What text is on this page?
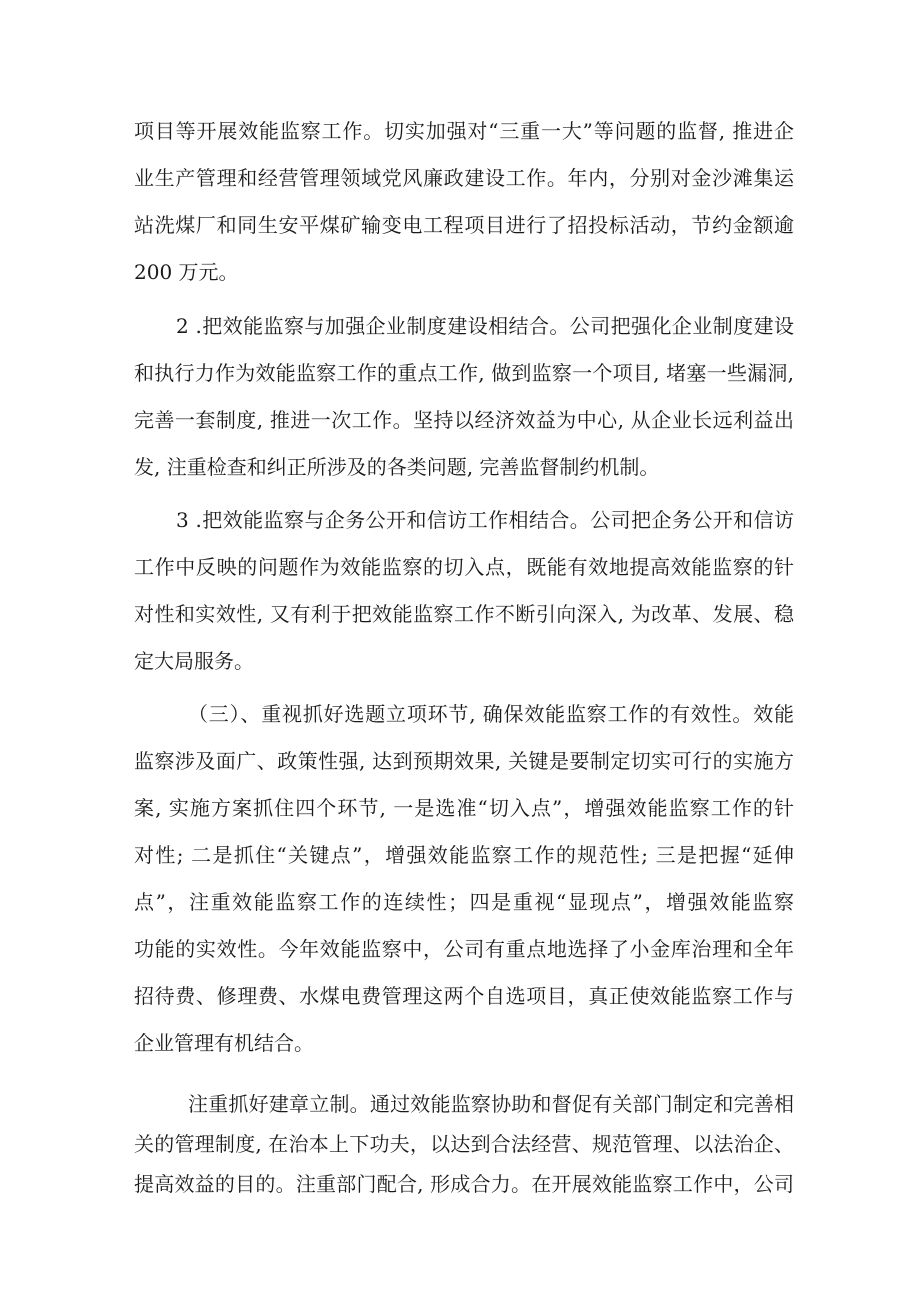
项目等开展效能监察工作。切实加强对“三重一大”等问题的监督, 推进企
业生产管理和经营管理领域党风廉政建设工作。年内，分别对金沙滩集运
站洗煤厂和同生安平煤矿输变电工程项目进行了招投标活动，节约金额逾
200 万元。
2 .把效能监察与加强企业制度建设相结合。公司把强化企业制度建设
和执行力作为效能监察工作的重点工作, 做到监察一个项目, 堵塞一些漏洞,
完善一套制度, 推进一次工作。坚持以经济效益为中心, 从企业长远利益出
发, 注重检查和纠正所涉及的各类问题, 完善监督制约机制。
3 .把效能监察与企务公开和信访工作相结合。公司把企务公开和信访
工作中反映的问题作为效能监察的切入点，既能有效地提高效能监察的针
对性和实效性, 又有利于把效能监察工作不断引向深入, 为改革、发展、稳
定大局服务。
（三）、重视抓好选题立项环节, 确保效能监察工作的有效性。效能
监察涉及面广、政策性强, 达到预期效果, 关键是要制定切实可行的实施方
案, 实施方案抓住四个环节, 一是选准“切入点”，增强效能监察工作的针
对性; 二是抓住“关键点”，增强效能监察工作的规范性; 三是把握“延伸
点”，注重效能监察工作的连续性；四是重视“显现点”，增强效能监察
功能的实效性。今年效能监察中，公司有重点地选择了小金库治理和全年
招待费、修理费、水煤电费管理这两个自选项目，真正使效能监察工作与
企业管理有机结合。
注重抓好建章立制。通过效能监察协助和督促有关部门制定和完善相
关的管理制度, 在治本上下功夫，以达到合法经营、规范管理、以法治企、
提高效益的目的。注重部门配合, 形成合力。在开展效能监察工作中，公司
